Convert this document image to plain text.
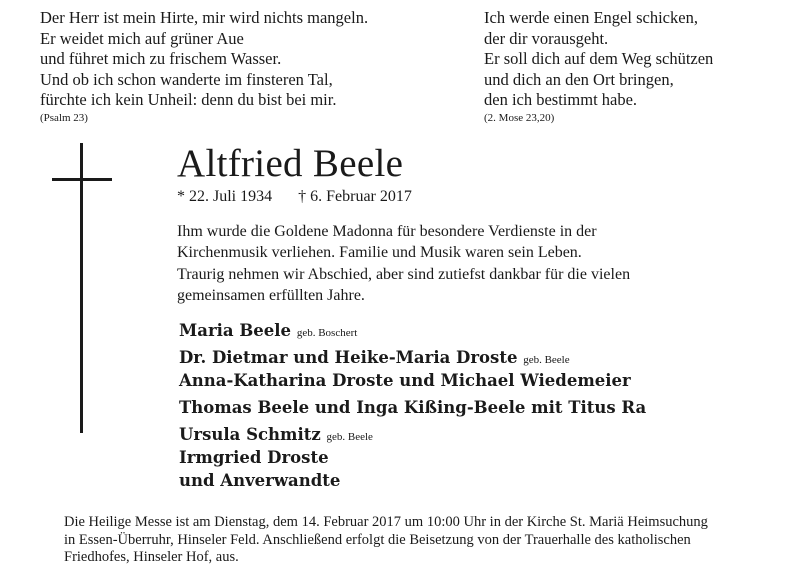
Der Herr ist mein Hirte, mir wird nichts mangeln.
Er weidet mich auf grüner Aue
und führet mich zu frischem Wasser.
Und ob ich schon wanderte im finsteren Tal,
fürchte ich kein Unheil: denn du bist bei mir.
(Psalm 23)
Ich werde einen Engel schicken,
der dir vorausgeht.
Er soll dich auf dem Weg schützen
und dich an den Ort bringen,
den ich bestimmt habe.
(2. Mose 23,20)
Altfried Beele
* 22. Juli 1934 † 6. Februar 2017
Ihm wurde die Goldene Madonna für besondere Verdienste in der
Kirchenmusik verliehen. Familie und Musik waren sein Leben.
Traurig nehmen wir Abschied, aber sind zutiefst dankbar für die vielen
gemeinsamen erfüllten Jahre.
Maria Beele geb. Boschert
Dr. Dietmar und Heike-Maria Droste geb. Beele
Anna-Katharina Droste und Michael Wiedemeier
Thomas Beele und Inga Kißing-Beele mit Titus Ra
Ursula Schmitz geb. Beele
Irmgried Droste
und Anverwandte
Die Heilige Messe ist am Dienstag, dem 14. Februar 2017 um 10:00 Uhr in der Kirche St. Mariä Heimsuchung
in Essen-Überruhr, Hinseler Feld. Anschließend erfolgt die Beisetzung von der Trauerhalle des katholischen
Friedhofes, Hinseler Hof, aus.
